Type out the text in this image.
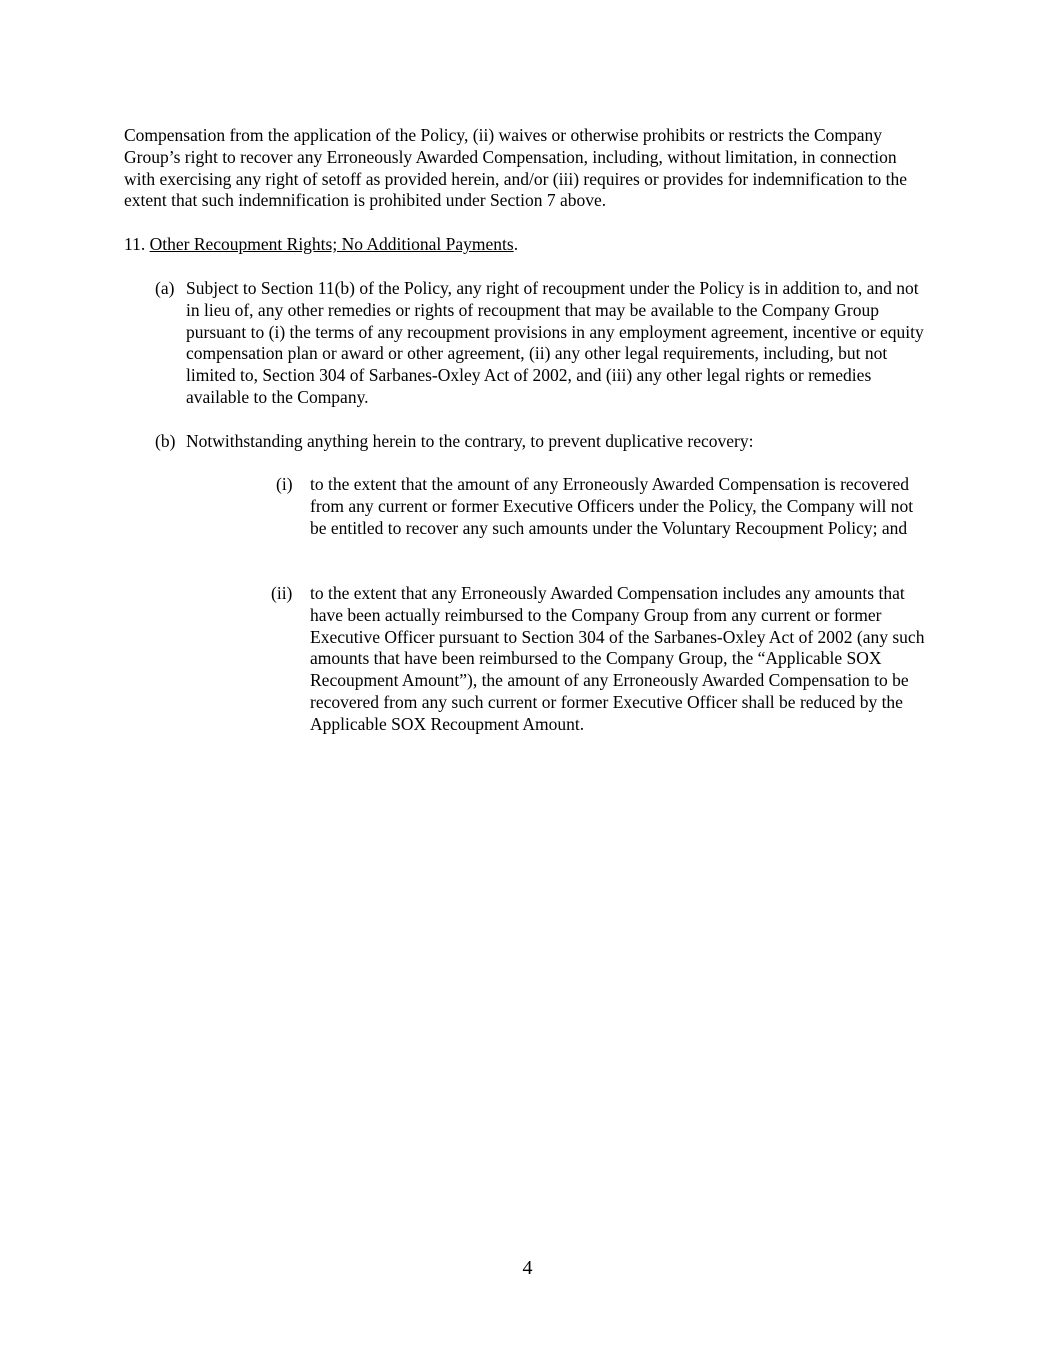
Compensation from the application of the Policy, (ii) waives or otherwise prohibits or restricts the Company Group’s right to recover any Erroneously Awarded Compensation, including, without limitation, in connection with exercising any right of setoff as provided herein, and/or (iii) requires or provides for indemnification to the extent that such indemnification is prohibited under Section 7 above.

11. Other Recoupment Rights; No Additional Payments.

(a) Subject to Section 11(b) of the Policy, any right of recoupment under the Policy is in addition to, and not in lieu of, any other remedies or rights of recoupment that may be available to the Company Group pursuant to (i) the terms of any recoupment provisions in any employment agreement, incentive or equity compensation plan or award or other agreement, (ii) any other legal requirements, including, but not limited to, Section 304 of Sarbanes-Oxley Act of 2002, and (iii) any other legal rights or remedies available to the Company.
(b) Notwithstanding anything herein to the contrary, to prevent duplicative recovery:
(i) to the extent that the amount of any Erroneously Awarded Compensation is recovered from any current or former Executive Officers under the Policy, the Company will not be entitled to recover any such amounts under the Voluntary Recoupment Policy; and
(ii) to the extent that any Erroneously Awarded Compensation includes any amounts that have been actually reimbursed to the Company Group from any current or former Executive Officer pursuant to Section 304 of the Sarbanes-Oxley Act of 2002 (any such amounts that have been reimbursed to the Company Group, the “Applicable SOX Recoupment Amount”), the amount of any Erroneously Awarded Compensation to be recovered from any such current or former Executive Officer shall be reduced by the Applicable SOX Recoupment Amount.

4
